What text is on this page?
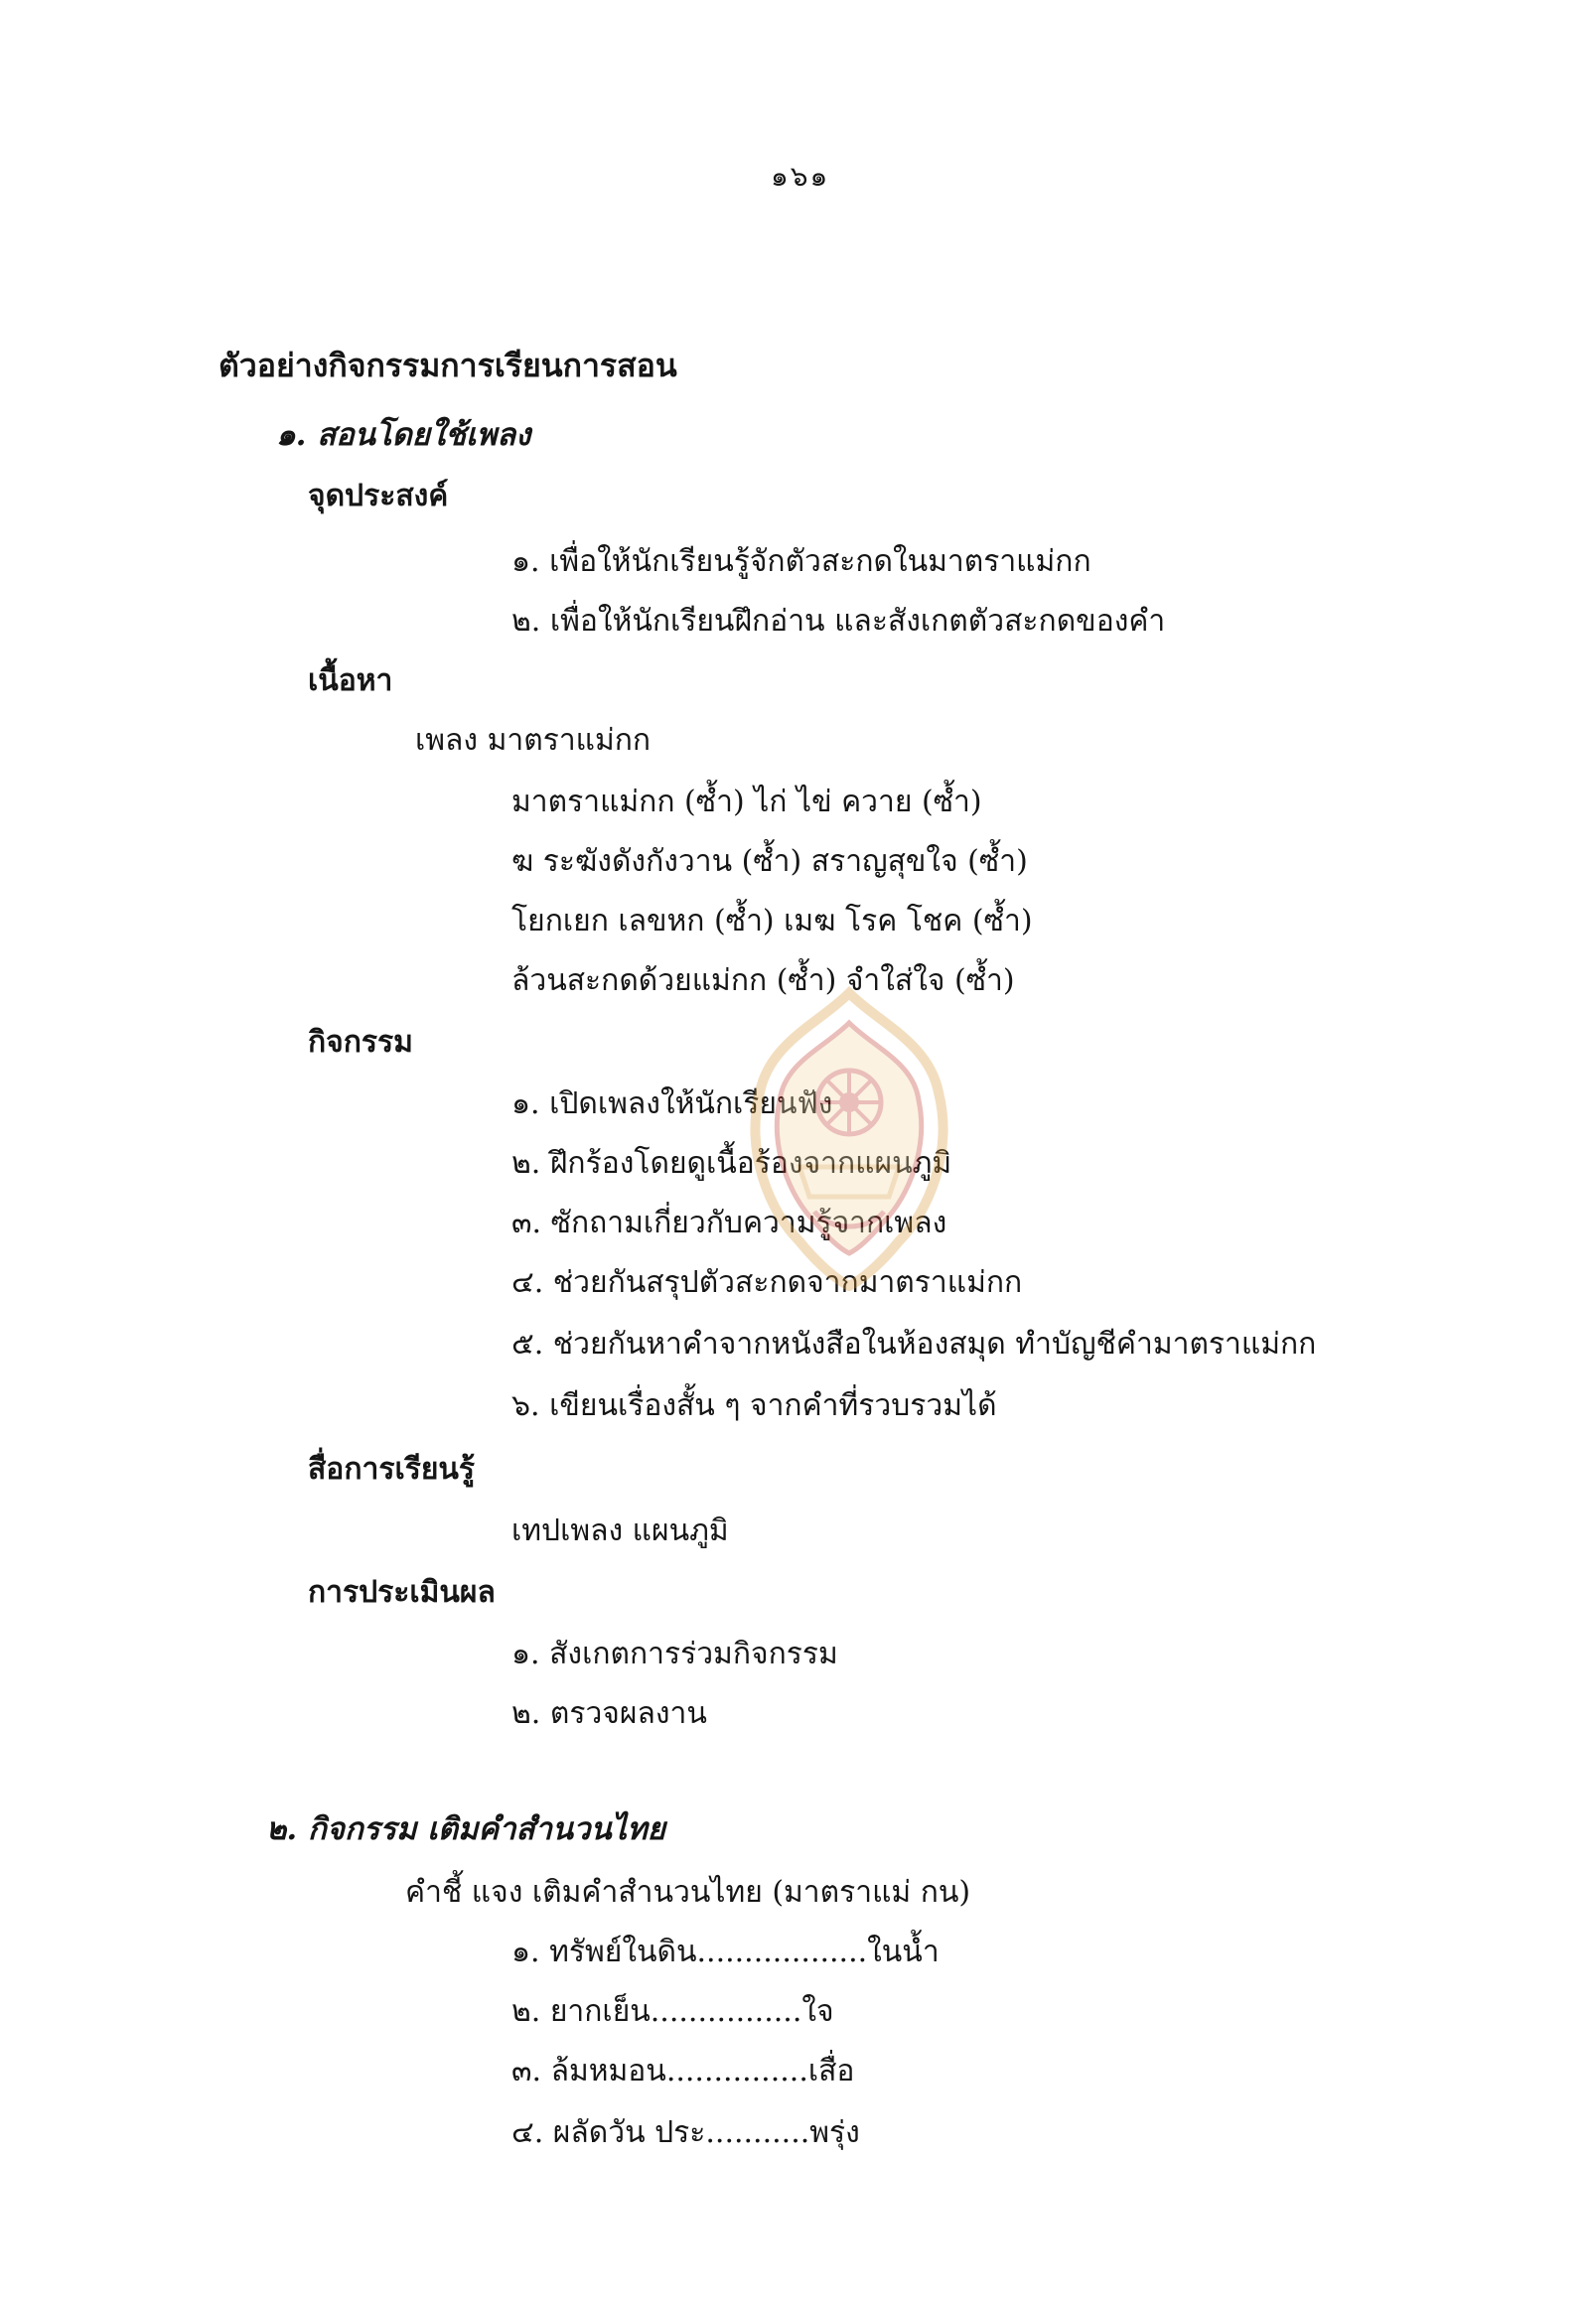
๑๖๑
ตัวอย่างกิจกรรมการเรียนการสอน
๑. สอนโดยใช้เพลง
จุดประสงค์
๑. เพื่อให้นักเรียนรู้จักตัวสะกดในมาตราแม่กก
๒. เพื่อให้นักเรียนฝึกอ่าน และสังเกตตัวสะกดของคำ
เนื้อหา
เพลง มาตราแม่กก
มาตราแม่กก (ซ้ำ) ไก่ ไข่ ควาย (ซ้ำ)
ฆ ระฆังดังกังวาน (ซ้ำ) สราญสุขใจ (ซ้ำ)
โยกเยก เลขหก (ซ้ำ) เมฆ โรค โชค (ซ้ำ)
ล้วนสะกดด้วยแม่กก (ซ้ำ) จำใส่ใจ (ซ้ำ)
กิจกรรม
๑. เปิดเพลงให้นักเรียนฟัง
๒. ฝึกร้องโดยดูเนื้อร้องจากแผนภูมิ
๓. ซักถามเกี่ยวกับความรู้จากเพลง
๔. ช่วยกันสรุปตัวสะกดจากมาตราแม่กก
๕. ช่วยกันหาคำจากหนังสือในห้องสมุด ทำบัญชีคำมาตราแม่กก
๖. เขียนเรื่องสั้น ๆ จากคำที่รวบรวมได้
สื่อการเรียนรู้
เทปเพลง แผนภูมิ
การประเมินผล
๑. สังเกตการร่วมกิจกรรม
๒. ตรวจผลงาน
๒. กิจกรรม เติมคำสำนวนไทย
คำชี้ แจง เติมคำสำนวนไทย (มาตราแม่ กน)
๑. ทรัพย์ในดิน..................ในน้ำ
๒. ยากเย็น................ใจ
๓. ล้มหมอน...............เสื่อ
๔. ผลัดวัน ประ...........พรุ่ง
